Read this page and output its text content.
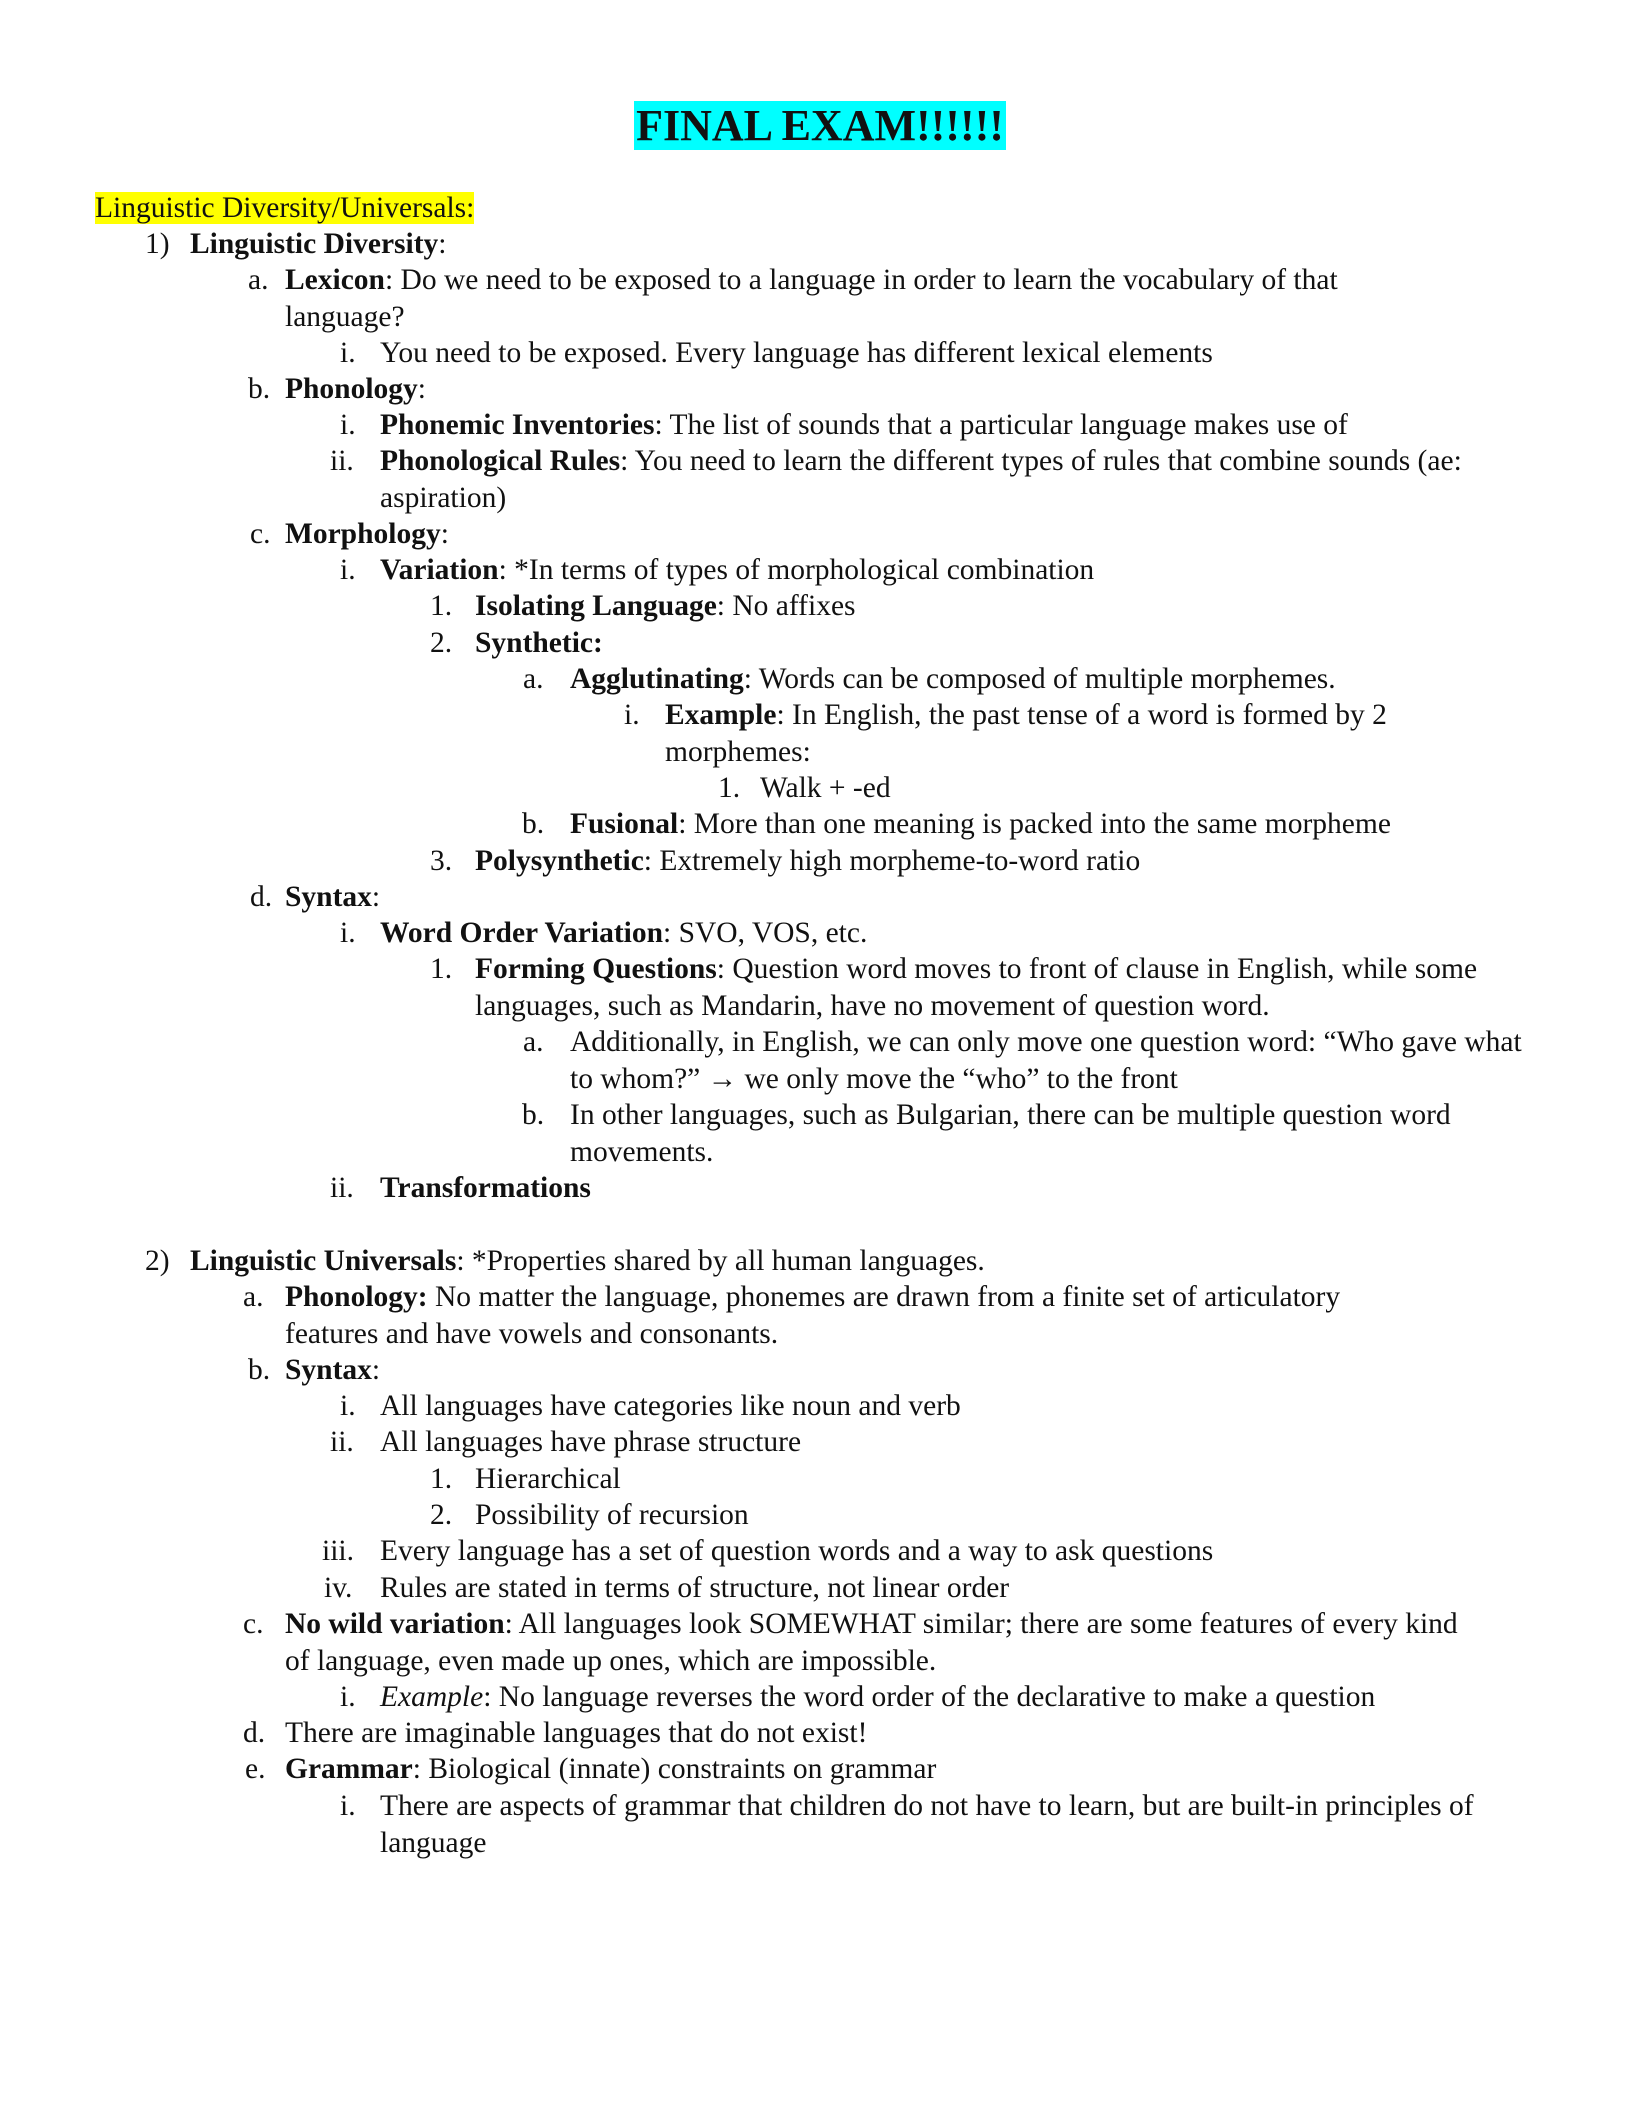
FINAL EXAM!!!!!!
Linguistic Diversity/Universals:
1) Linguistic Diversity:
a. Lexicon: Do we need to be exposed to a language in order to learn the vocabulary of that language?
i. You need to be exposed. Every language has different lexical elements
b. Phonology:
i. Phonemic Inventories: The list of sounds that a particular language makes use of
ii. Phonological Rules: You need to learn the different types of rules that combine sounds (ae: aspiration)
c. Morphology:
i. Variation: *In terms of types of morphological combination
1. Isolating Language: No affixes
2. Synthetic:
a. Agglutinating: Words can be composed of multiple morphemes.
i. Example: In English, the past tense of a word is formed by 2 morphemes:
1. Walk + -ed
b. Fusional: More than one meaning is packed into the same morpheme
3. Polysynthetic: Extremely high morpheme-to-word ratio
d. Syntax:
i. Word Order Variation: SVO, VOS, etc.
1. Forming Questions: Question word moves to front of clause in English, while some languages, such as Mandarin, have no movement of question word.
a. Additionally, in English, we can only move one question word: “Who gave what to whom?” → we only move the “who” to the front
b. In other languages, such as Bulgarian, there can be multiple question word movements.
ii. Transformations
2) Linguistic Universals: *Properties shared by all human languages.
a. Phonology: No matter the language, phonemes are drawn from a finite set of articulatory features and have vowels and consonants.
b. Syntax:
i. All languages have categories like noun and verb
ii. All languages have phrase structure
1. Hierarchical
2. Possibility of recursion
iii. Every language has a set of question words and a way to ask questions
iv. Rules are stated in terms of structure, not linear order
c. No wild variation: All languages look SOMEWHAT similar; there are some features of every kind of language, even made up ones, which are impossible.
i. Example: No language reverses the word order of the declarative to make a question
d. There are imaginable languages that do not exist!
e. Grammar: Biological (innate) constraints on grammar
i. There are aspects of grammar that children do not have to learn, but are built-in principles of language
